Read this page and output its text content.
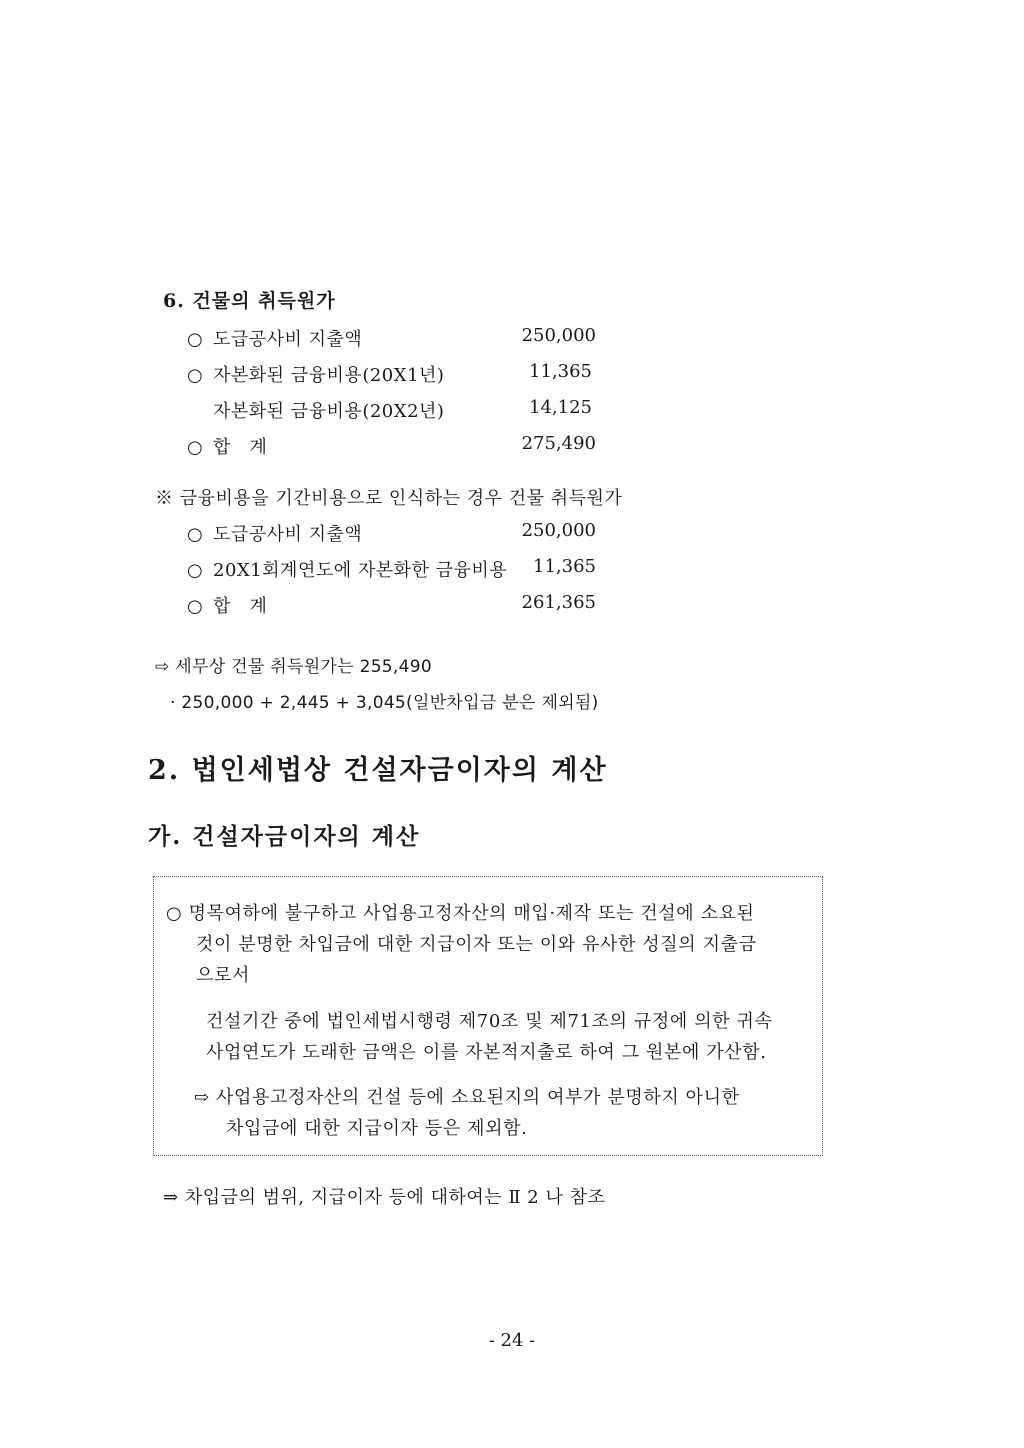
6. 건물의 취득원가
○ 도급공사비 지출액	250,000
○ 자본화된 금융비용(20X1년)	11,365
자본화된 금융비용(20X2년)	14,125
○ 합   계	275,490
※ 금융비용을 기간비용으로 인식하는 경우 건물 취득원가
○ 도급공사비 지출액	250,000
○ 20X1회계연도에 자본화한 금융비용	11,365
○ 합   계	261,365
⇨ 세무상 건물 취득원가는 255,490
· 250,000 + 2,445 + 3,045(일반차입금 분은 제외됨)
2. 법인세법상 건설자금이자의 계산
가. 건설자금이자의 계산
○ 명목여하에 불구하고 사업용고정자산의 매입·제작 또는 건설에 소요된
것이 분명한 차입금에 대한 지급이자 또는 이와 유사한 성질의 지출금
으로서
건설기간 중에 법인세법시행령 제70조 및 제71조의 규정에 의한 귀속
사업연도가 도래한 금액은 이를 자본적지출로 하여 그 원본에 가산함.
⇨ 사업용고정자산의 건설 등에 소요된지의 여부가 분명하지 아니한
차입금에 대한 지급이자 등은 제외함.
⇒ 차입금의 범위, 지급이자 등에 대하여는 Ⅱ 2 나 참조
- 24 -
